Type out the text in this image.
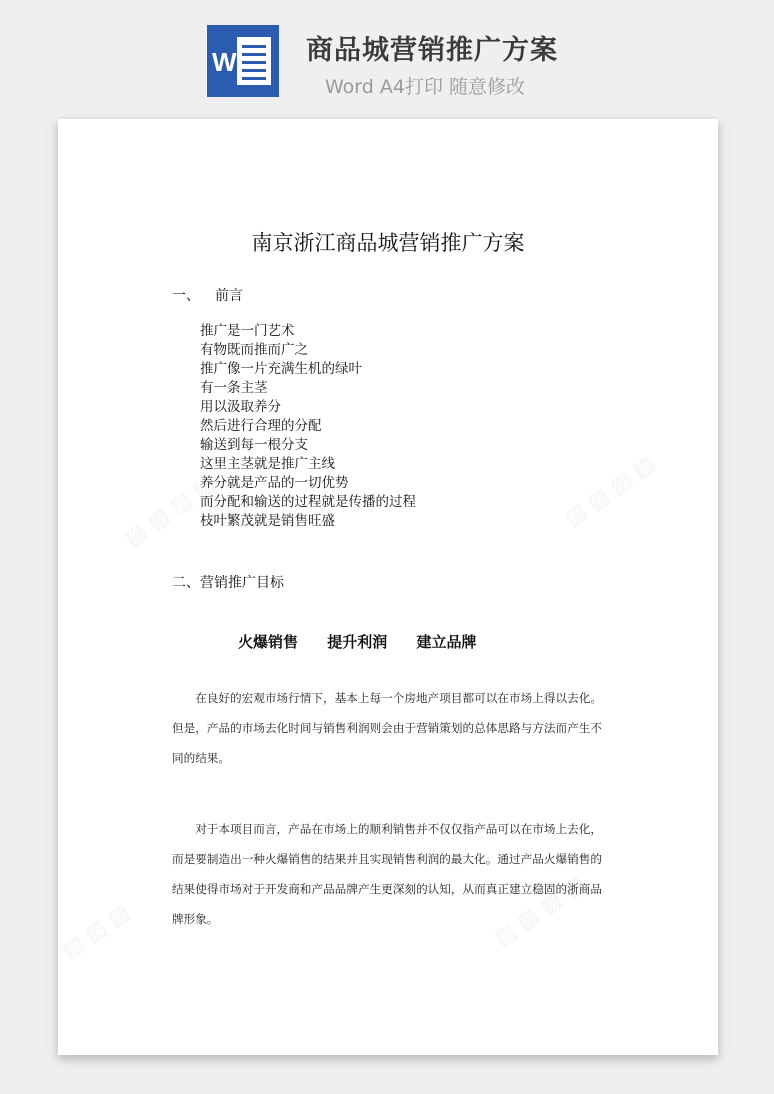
W	商品城营销推广方案
Word A4打印 随意修改
南京浙江商品城营销推广方案
一、 前言
推广是一门艺术
有物既而推而广之
推广像一片充满生机的绿叶
有一条主茎
用以汲取养分
然后进行合理的分配
输送到每一根分支
这里主茎就是推广主线
养分就是产品的一切优势
而分配和输送的过程就是传播的过程
枝叶繁茂就是销售旺盛
二、营销推广目标
火爆销售 提升利润 建立品牌
在良好的宏观市场行情下，基本上每一个房地产项目都可以在市场上得以去化。但是，产品的市场去化时间与销售利润则会由于营销策划的总体思路与方法而产生不同的结果。
对于本项目而言，产品在市场上的顺利销售并不仅仅指产品可以在市场上去化，而是要制造出一种火爆销售的结果并且实现销售利润的最大化。通过产品火爆销售的结果使得市场对于开发商和产品品牌产生更深刻的认知，从而真正建立稳固的浙商品牌形象。
